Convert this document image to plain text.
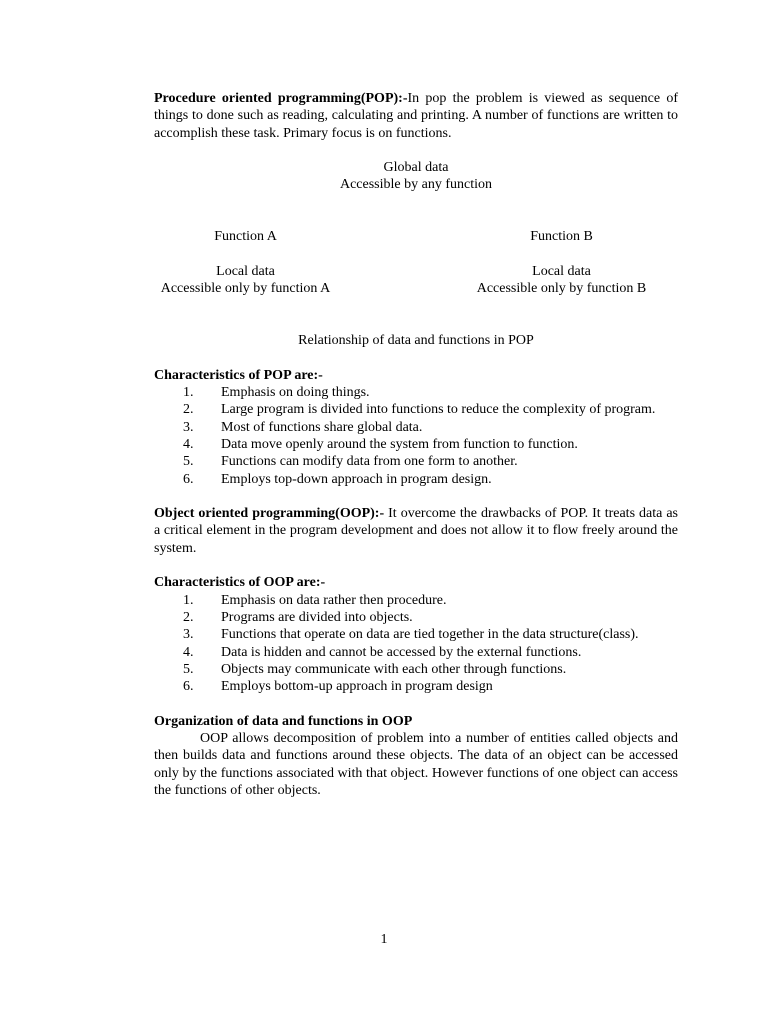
Procedure oriented programming(POP):-In pop the problem is viewed as sequence of things to done such as reading, calculating and printing. A number of functions are written to accomplish these task. Primary focus is on functions.

Global data

Accessible by any function

Function A	Function B
Local data	Local data
Accessible only by function A	Accessible only by function B

Relationship of data and functions in POP

Characteristics of POP are:-

1.	Emphasis on doing things.
2.	Large program is divided into functions to reduce the complexity of program.
3.	Most of functions share global data.
4.	Data move openly around the system from function to function.
5.	Functions can modify data from one form to another.
6.	Employs top-down approach in program design.

Object oriented programming(OOP):- It overcome the drawbacks of POP. It treats data as a critical element in the program development and does not allow it to flow freely around the system.

Characteristics of OOP are:-

1.	Emphasis on data rather then procedure.
2.	Programs are divided into objects.
3.	Functions that operate on data are tied together in the data structure(class).
4.	Data is hidden and cannot be accessed by the external functions.
5.	Objects may communicate with each other through functions.
6.	Employs bottom-up approach in program design

Organization of data and functions in OOP

OOP allows decomposition of problem into a number of entities called objects and then builds data and functions around these objects. The data of an object can be accessed only by the functions associated with that object. However functions of one object can access the functions of other objects.

1
